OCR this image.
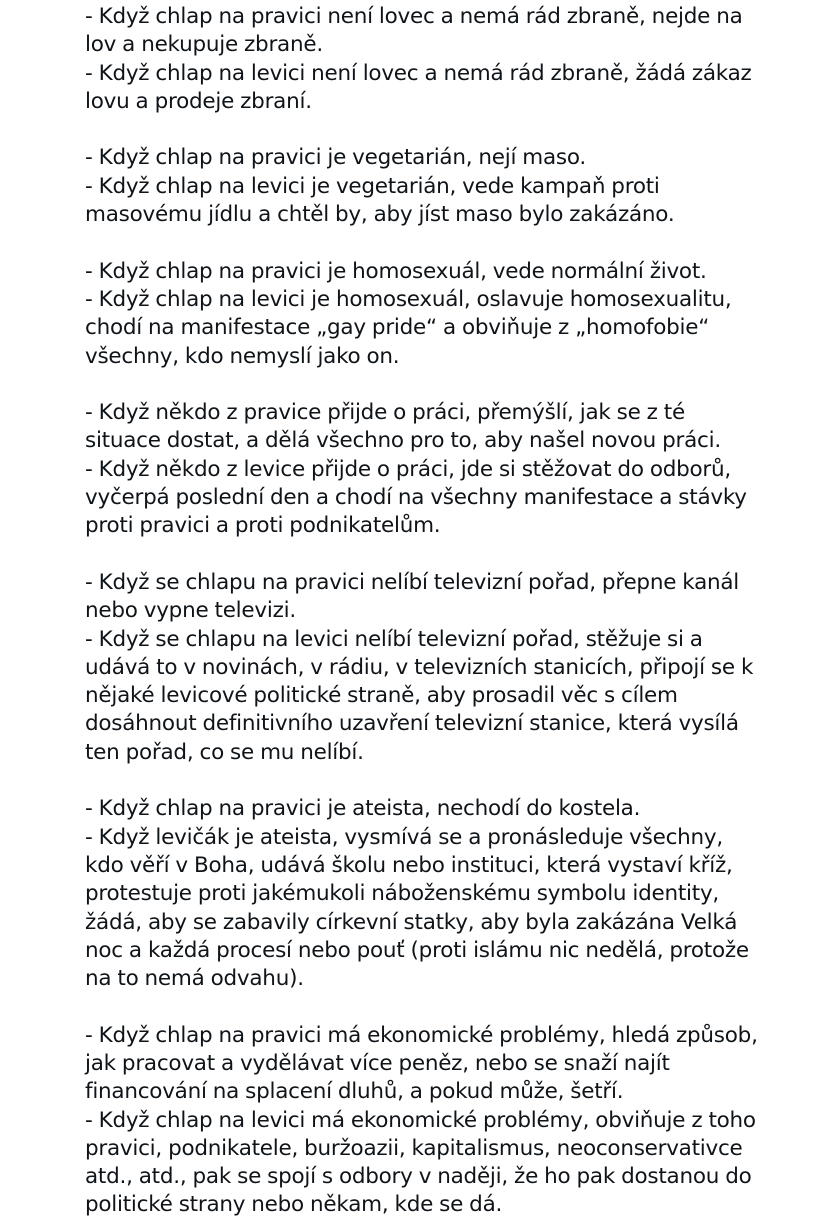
- Když chlap na pravici není lovec a nemá rád zbraně, nejde na lov a nekupuje zbraně.
- Když chlap na levici není lovec a nemá rád zbraně, žádá zákaz lovu a prodeje zbraní.
- Když chlap na pravici je vegetarián, nejí maso.
- Když chlap na levici je vegetarián, vede kampaň proti masovému jídlu a chtěl by, aby jíst maso bylo zakázáno.
- Když chlap na pravici je homosexuál, vede normální život.
- Když chlap na levici je homosexuál, oslavuje homosexualitu, chodí na manifestace „gay pride“ a obviňuje z „homofobie“ všechny, kdo nemyslí jako on.
- Když někdo z pravice přijde o práci, přemýšlí, jak se z té situace dostat, a dělá všechno pro to, aby našel novou práci.
- Když někdo z levice přijde o práci, jde si stěžovat do odborů, vyčerpá poslední den a chodí na všechny manifestace a stávky proti pravici a proti podnikatelům.
- Když se chlapu na pravici nelíbí televizní pořad, přepne kanál nebo vypne televizi.
- Když se chlapu na levici nelíbí televizní pořad, stěžuje si a udává to v novinách, v rádiu, v televizních stanicích, připojí se k nějaké levicové politické straně, aby prosadil věc s cílem dosáhnout definitivního uzavření televizní stanice, která vysílá ten pořad, co se mu nelíbí.
- Když chlap na pravici je ateista, nechodí do kostela.
- Když levičák je ateista, vysmívá se a pronásleduje všechny, kdo věří v Boha, udává školu nebo instituci, která vystaví kříž, protestuje proti jakémukoli náboženskému symbolu identity, žádá, aby se zabavily církevní statky, aby byla zakázána Velká noc a každá procesí nebo pouť (proti islámu nic nedělá, protože na to nemá odvahu).
- Když chlap na pravici má ekonomické problémy, hledá způsob, jak pracovat a vydělávat více peněz, nebo se snaží najít financování na splacení dluhů, a pokud může, šetří.
- Když chlap na levici má ekonomické problémy, obviňuje z toho pravici, podnikatele, buržoazii, kapitalismus, neoconservativce atd., atd., pak se spojí s odbory v naději, že ho pak dostanou do politické strany nebo někam, kde se dá.
